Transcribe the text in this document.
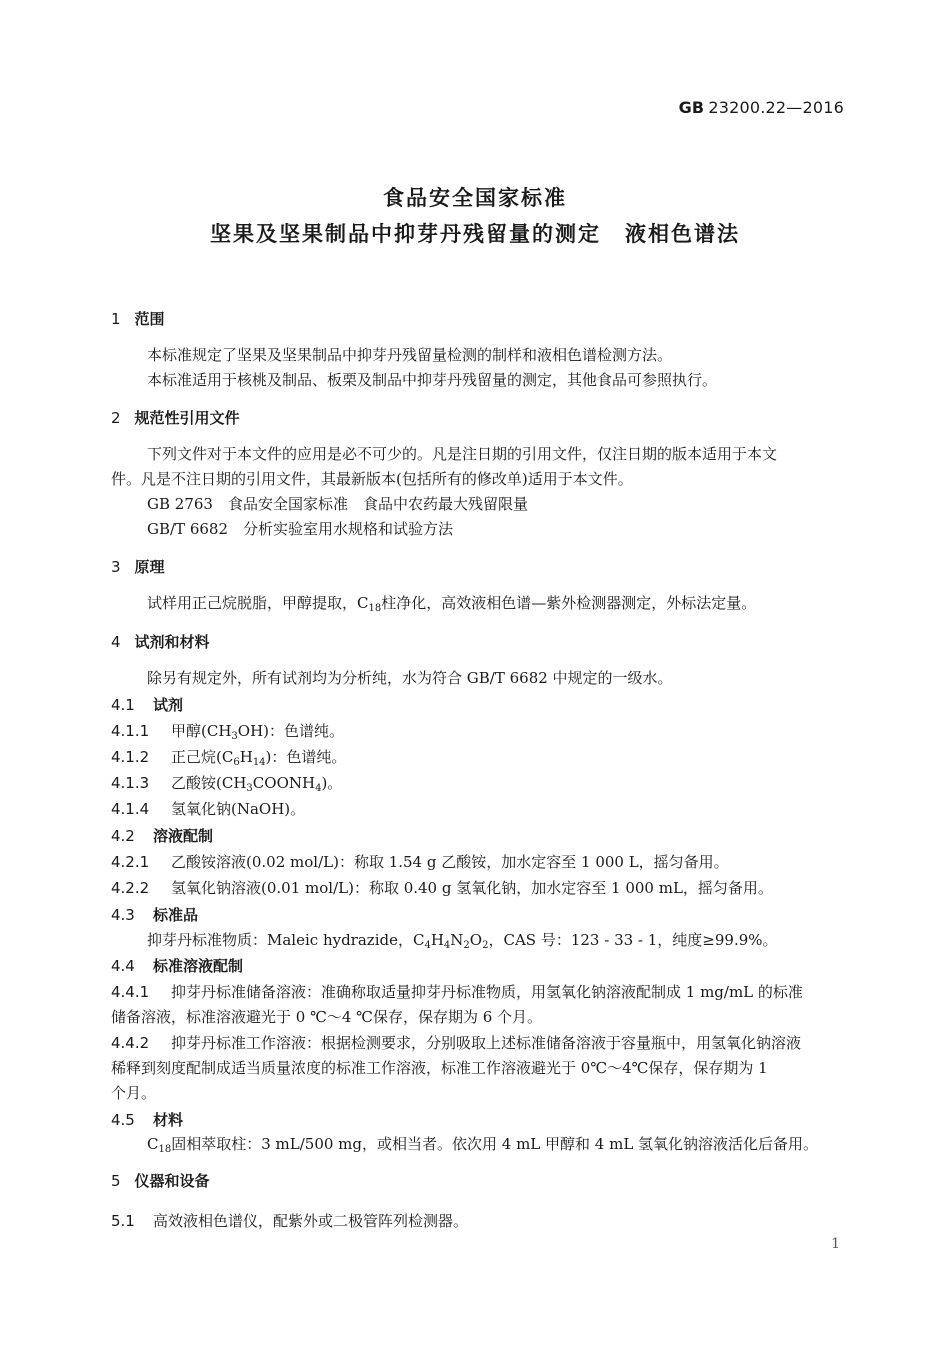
GB 23200.22—2016
食品安全国家标准
坚果及坚果制品中抑芽丹残留量的测定 液相色谱法
1 范围
本标准规定了坚果及坚果制品中抑芽丹残留量检测的制样和液相色谱检测方法。
本标准适用于核桃及制品、板栗及制品中抑芽丹残留量的测定，其他食品可参照执行。
2 规范性引用文件
下列文件对于本文件的应用是必不可少的。凡是注日期的引用文件，仅注日期的版本适用于本文
件。凡是不注日期的引用文件，其最新版本(包括所有的修改单)适用于本文件。
GB 2763　食品安全国家标准　食品中农药最大残留限量
GB/T 6682　分析实验室用水规格和试验方法
3 原理
试样用正己烷脱脂，甲醇提取，$C_{18}$柱净化，高效液相色谱—紫外检测器测定，外标法定量。
4 试剂和材料
除另有规定外，所有试剂均为分析纯，水为符合 GB/T 6682 中规定的一级水。
4.1 试剂
4.1.1 甲醇$(CH_3OH)$：色谱纯。
4.1.2 正己烷$(C_6H_{14})$：色谱纯。
4.1.3 乙酸铵$(CH_3COONH_4)$。
4.1.4 氢氧化钠(NaOH)。
4.2 溶液配制
4.2.1 乙酸铵溶液(0.02 mol/L)：称取 1.54 g 乙酸铵，加水定容至 1 000 L，摇匀备用。
4.2.2 氢氧化钠溶液(0.01 mol/L)：称取 0.40 g 氢氧化钠，加水定容至 1 000 mL，摇匀备用。
4.3 标准品
抑芽丹标准物质：Maleic hydrazide，$C_4H_4N_2O_2$，CAS 号：123 - 33 - 1，纯度≥99.9%。
4.4 标准溶液配制
4.4.1 抑芽丹标准储备溶液：准确称取适量抑芽丹标准物质，用氢氧化钠溶液配制成 1 mg/mL 的标准
储备溶液，标准溶液避光于 0 ℃～4 ℃保存，保存期为 6 个月。
4.4.2 抑芽丹标准工作溶液：根据检测要求，分别吸取上述标准储备溶液于容量瓶中，用氢氧化钠溶液
稀释到刻度配制成适当质量浓度的标准工作溶液，标准工作溶液避光于 0℃～4℃保存，保存期为 1
个月。
4.5 材料
$C_{18}$固相萃取柱：3 mL/500 mg，或相当者。依次用 4 mL 甲醇和 4 mL 氢氧化钠溶液活化后备用。
5 仪器和设备
5.1 高效液相色谱仪，配紫外或二极管阵列检测器。
1
